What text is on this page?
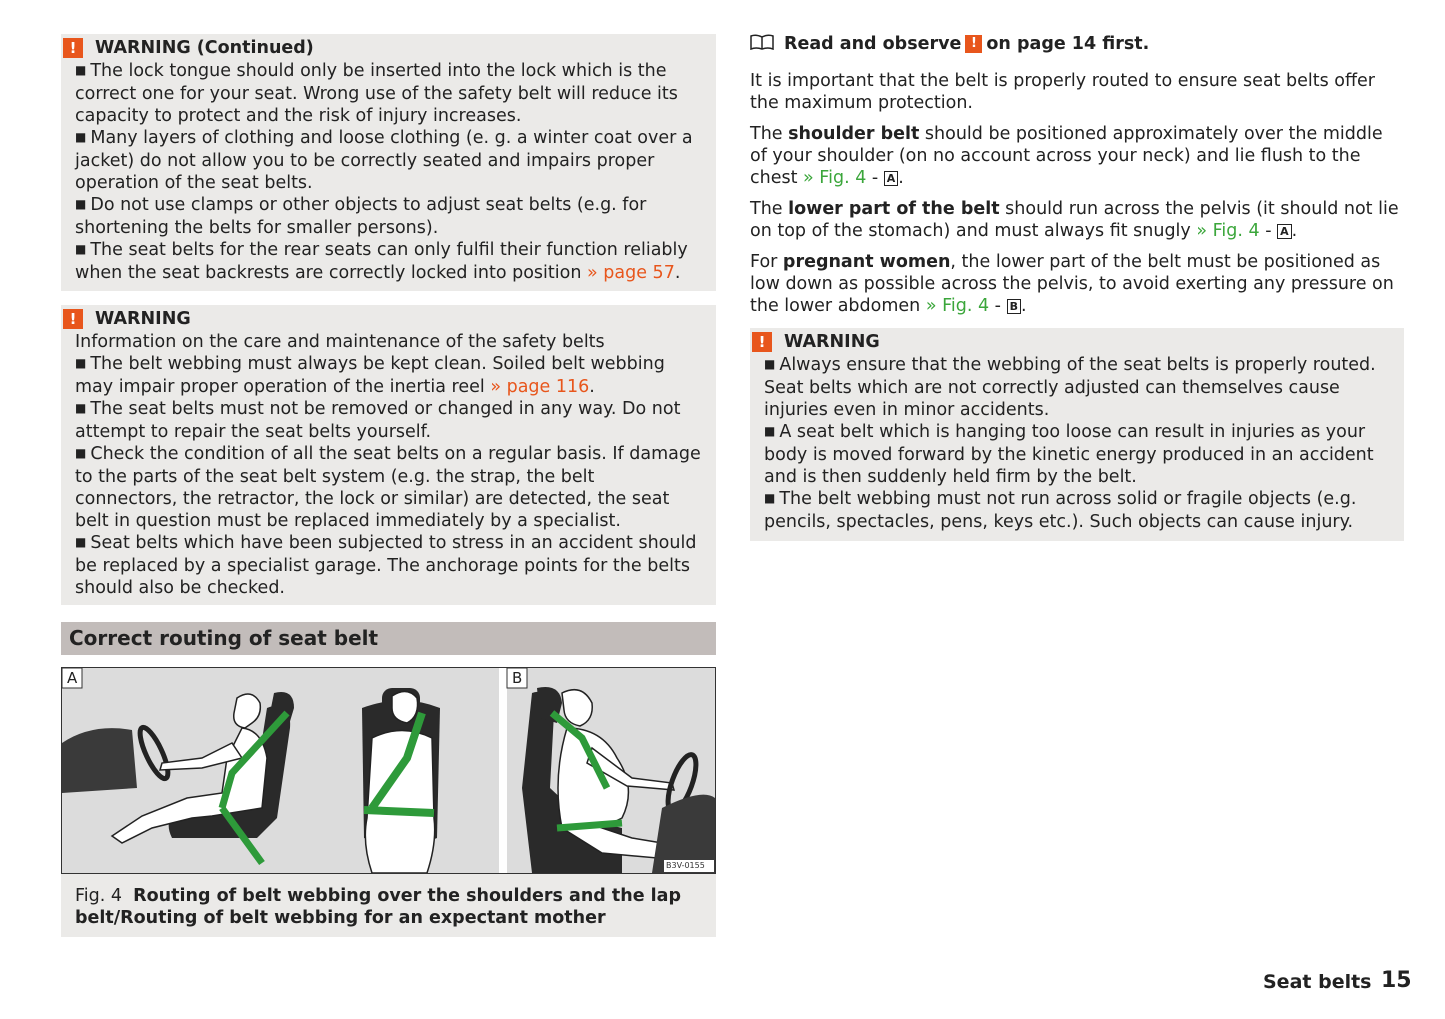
!	WARNING (Continued)

■ The lock tongue should only be inserted into the lock which is the correct one for your seat. Wrong use of the safety belt will reduce its capacity to protect and the risk of injury increases.

■ Many layers of clothing and loose clothing (e. g. a winter coat over a jacket) do not allow you to be correctly seated and impairs proper operation of the seat belts.

■ Do not use clamps or other objects to adjust seat belts (e.g. for shortening the belts for smaller persons).

■ The seat belts for the rear seats can only fulfil their function reliably when the seat backrests are correctly locked into position » page 57.

!	WARNING

Information on the care and maintenance of the safety belts

■ The belt webbing must always be kept clean. Soiled belt webbing may impair proper operation of the inertia reel » page 116.

■ The seat belts must not be removed or changed in any way. Do not attempt to repair the seat belts yourself.

■ Check the condition of all the seat belts on a regular basis. If damage to the parts of the seat belt system (e.g. the strap, the belt connectors, the retractor, the lock or similar) are detected, the seat belt in question must be replaced immediately by a specialist.

■ Seat belts which have been subjected to stress in an accident should be replaced by a specialist garage. The anchorage points for the belts should also be checked.

Correct routing of seat belt
A	B
B3V-0155
Fig. 4 Routing of belt webbing over the shoulders and the lap belt/Routing of belt webbing for an expectant mother
Read and observe ! on page 14 first.

It is important that the belt is properly routed to ensure seat belts offer the maximum protection.

The shoulder belt should be positioned approximately over the middle of your shoulder (on no account across your neck) and lie flush to the chest » Fig. 4 - A .

The lower part of the belt should run across the pelvis (it should not lie on top of the stomach) and must always fit snugly » Fig. 4 - A .

For pregnant women, the lower part of the belt must be positioned as low down as possible across the pelvis, to avoid exerting any pressure on the lower abdomen » Fig. 4 - B .

!	WARNING

■ Always ensure that the webbing of the seat belts is properly routed. Seat belts which are not correctly adjusted can themselves cause injuries even in minor accidents.

■ A seat belt which is hanging too loose can result in injuries as your body is moved forward by the kinetic energy produced in an accident and is then suddenly held firm by the belt.

■ The belt webbing must not run across solid or fragile objects (e.g. pencils, spectacles, pens, keys etc.). Such objects can cause injury.

Seat belts 15
